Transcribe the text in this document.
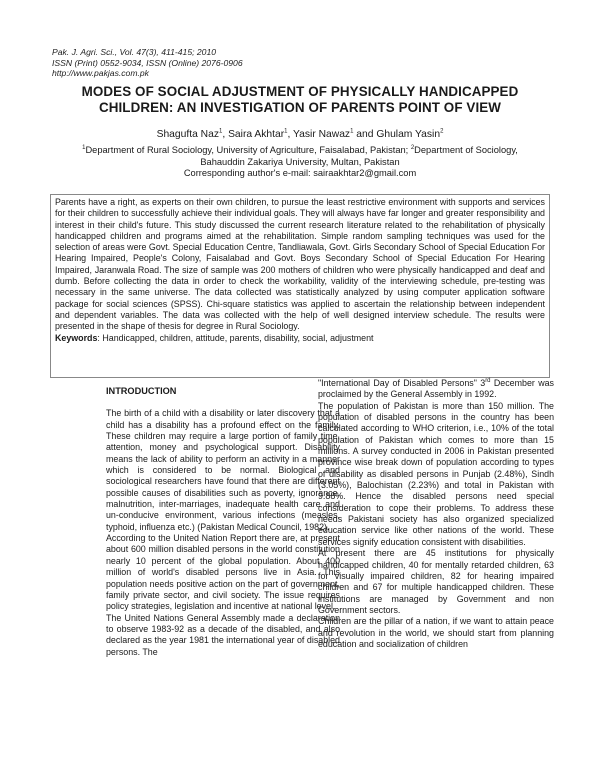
Pak. J. Agri. Sci., Vol. 47(3), 411-415; 2010
ISSN (Print) 0552-9034, ISSN (Online) 2076-0906
http://www.pakjas.com.pk
MODES OF SOCIAL ADJUSTMENT OF PHYSICALLY HANDICAPPED
CHILDREN: AN INVESTIGATION OF PARENTS POINT OF VIEW
Shagufta Naz$^1$, Saira Akhtar$^1$, Yasir Nawaz$^1$ and Ghulam Yasin$^2$
$^1$Department of Rural Sociology, University of Agriculture, Faisalabad, Pakistan; $^2$Department of Sociology,
Bahauddin Zakariya University, Multan, Pakistan
Corresponding author's e-mail: sairaakhtar2@gmail.com
Parents have a right, as experts on their own children, to pursue the least restrictive environment with supports and services for their children to successfully achieve their individual goals. They will always have far longer and greater responsibility and interest in their child's future. This study discussed the current research literature related to the rehabilitation of physically handicapped children and programs aimed at the rehabilitation. Simple random sampling techniques was used for the selection of areas were Govt. Special Education Centre, Tandliawala, Govt. Girls Secondary School of Special Education For Hearing Impaired, People's Colony, Faisalabad and Govt. Boys Secondary School of Special Education For Hearing Impaired, Jaranwala Road. The size of sample was 200 mothers of children who were physically handicapped and deaf and dumb. Before collecting the data in order to check the workability, validity of the interviewing schedule, pre-testing was necessary in the same universe. The data collected was statistically analyzed by using computer application software package for social sciences (SPSS). Chi-square statistics was applied to ascertain the relationship between independent and dependent variables. The data was collected with the help of well designed interview schedule. The results were presented in the shape of thesis for degree in Rural Sociology.
Keywords: Handicapped, children, attitude, parents, disability, social, adjustment
INTRODUCTION

The birth of a child with a disability or later discovery that a child has a disability has a profound effect on the family. These children may require a large portion of family time, attention, money and psychological support. Disability means the lack of ability to perform an activity in a manner which is considered to be normal. Biological and sociological researchers have found that there are different possible causes of disabilities such as poverty, ignorance, malnutrition, inter-marriages, inadequate health care and un-conducive environment, various infections (measles, typhoid, influenza etc.) (Pakistan Medical Council, 1982).

According to the United Nation Report there are, at present about 600 million disabled persons in the world constitution nearly 10 percent of the global population. About 400 million of world's disabled persons live in Asia. This population needs positive action on the part of government, family private sector, and civil society. The issue requires policy strategies, legislation and incentive at national level.

The United Nations General Assembly made a declaration to observe 1983-92 as a decade of the disabled, and also declared as the year 1981 the international year of disabled persons. The

"International Day of Disabled Persons" 3rd December was proclaimed by the General Assembly in 1992.

The population of Pakistan is more than 150 million. The population of disabled persons in the country has been calculated according to WHO criterion, i.e., 10% of the total population of Pakistan which comes to more than 15 millions. A survey conducted in 2006 in Pakistan presented province wise break down of population according to types of disability as disabled persons in Punjab (2.48%), Sindh (3.05%), Balochistan (2.23%) and total in Pakistan with 9.88%. Hence the disabled persons need special consideration to cope their problems. To address these needs Pakistani society has also organized specialized education service like other nations of the world. These services signify education consistent with disabilities.

At present there are 45 institutions for physically handicapped children, 40 for mentally retarded children, 63 for visually impaired children, 82 for hearing impaired children and 67 for multiple handicapped children. These institutions are managed by Government and non Government sectors.

Children are the pillar of a nation, if we want to attain peace and revolution in the world, we should start from planning education and socialization of children
